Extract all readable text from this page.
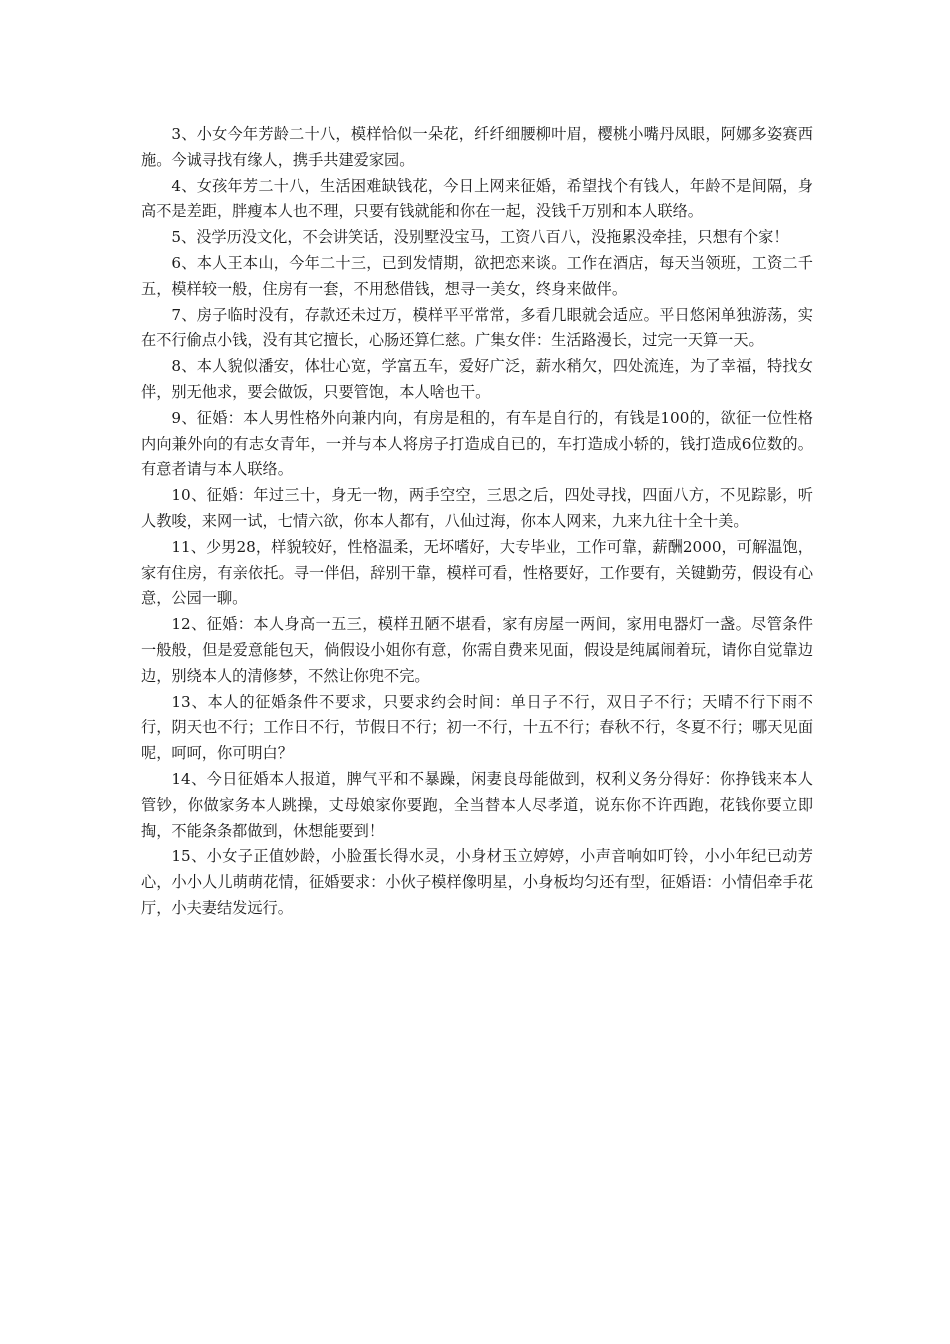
3、小女今年芳龄二十八，模样恰似一朵花，纤纤细腰柳叶眉，樱桃小嘴丹凤眼，阿娜多姿赛西施。今诚寻找有缘人，携手共建爱家园。

4、女孩年芳二十八，生活困难缺钱花，今日上网来征婚，希望找个有钱人，年龄不是间隔，身高不是差距，胖瘦本人也不理，只要有钱就能和你在一起，没钱千万别和本人联络。

5、没学历没文化，不会讲笑话，没别墅没宝马，工资八百八，没拖累没牵挂，只想有个家！

6、本人王本山，今年二十三，已到发情期，欲把恋来谈。工作在酒店，每天当领班，工资二千五，模样较一般，住房有一套，不用愁借钱，想寻一美女，终身来做伴。

7、房子临时没有，存款还未过万，模样平平常常，多看几眼就会适应。平日悠闲单独游荡，实在不行偷点小钱，没有其它擅长，心肠还算仁慈。广集女伴：生活路漫长，过完一天算一天。

8、本人貌似潘安，体壮心宽，学富五车，爱好广泛，薪水稍欠，四处流连，为了幸福，特找女伴，别无他求，要会做饭，只要管饱，本人啥也干。

9、征婚：本人男性格外向兼内向，有房是租的，有车是自行的，有钱是100的，欲征一位性格内向兼外向的有志女青年，一并与本人将房子打造成自已的，车打造成小轿的，钱打造成6位数的。有意者请与本人联络。

10、征婚：年过三十，身无一物，两手空空，三思之后，四处寻找，四面八方，不见踪影，听人教唆，来网一试，七情六欲，你本人都有，八仙过海，你本人网来，九来九往十全十美。

11、少男28，样貌较好，性格温柔，无坏嗜好，大专毕业，工作可靠，薪酬2000，可解温饱，家有住房，有亲依托。寻一伴侣，辞别干靠，模样可看，性格要好，工作要有，关键勤劳，假设有心意，公园一聊。

12、征婚：本人身高一五三，模样丑陋不堪看，家有房屋一两间，家用电器灯一盏。尽管条件一般般，但是爱意能包天，倘假设小姐你有意，你需自费来见面，假设是纯属闹着玩，请你自觉靠边边，别绕本人的清修梦，不然让你兜不完。

13、本人的征婚条件不要求，只要求约会时间：单日子不行，双日子不行；天晴不行下雨不行，阴天也不行；工作日不行，节假日不行；初一不行，十五不行；春秋不行，冬夏不行；哪天见面呢，呵呵，你可明白？

14、今日征婚本人报道，脾气平和不暴躁，闲妻良母能做到，权利义务分得好：你挣钱来本人管钞，你做家务本人跳操，丈母娘家你要跑，全当替本人尽孝道，说东你不许西跑，花钱你要立即掏，不能条条都做到，休想能要到！

15、小女子正值妙龄，小脸蛋长得水灵，小身材玉立婷婷，小声音响如叮铃，小小年纪已动芳心，小小人儿萌萌花情，征婚要求：小伙子模样像明星，小身板均匀还有型，征婚语：小情侣牵手花厅，小夫妻结发远行。
